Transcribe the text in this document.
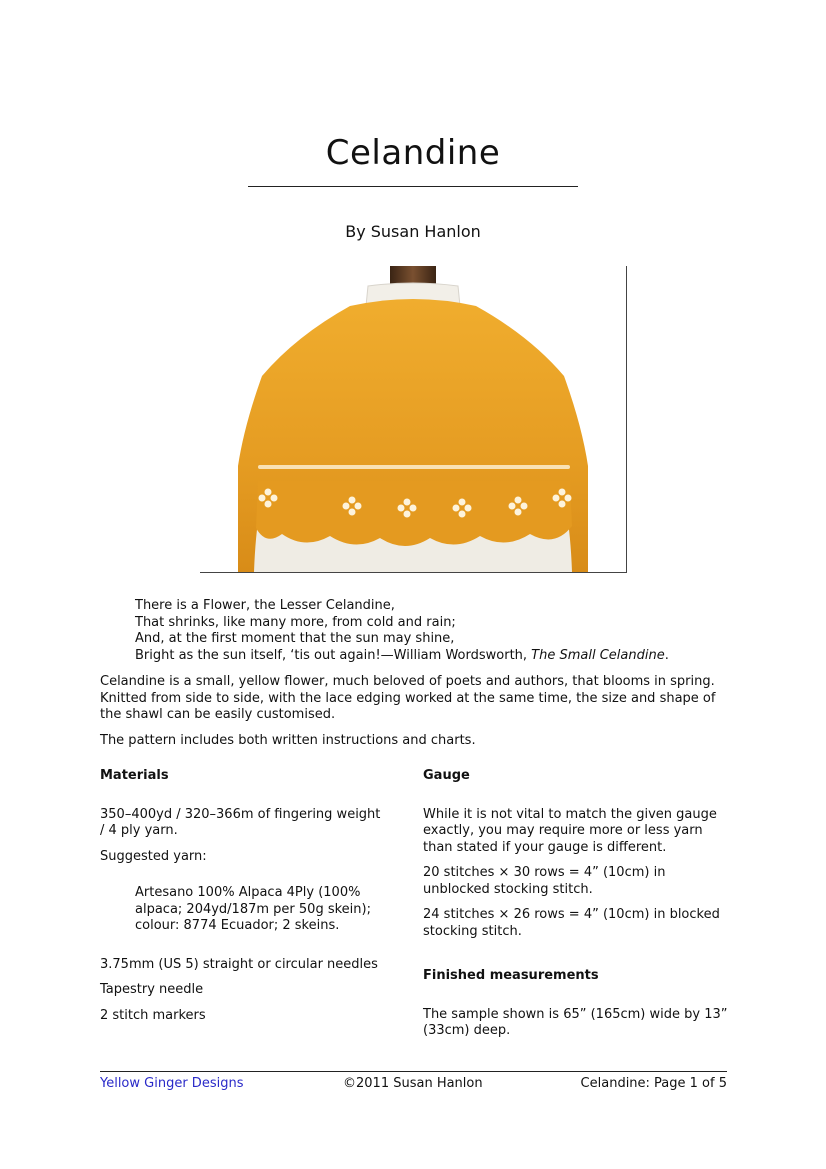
Celandine
By Susan Hanlon
There is a Flower, the Lesser Celandine,
That shrinks, like many more, from cold and rain;
And, at the first moment that the sun may shine,
Bright as the sun itself, ‘tis out again!—William Wordsworth, The Small Celandine.

Celandine is a small, yellow flower, much beloved of poets and authors, that blooms in spring. Knitted from side to side, with the lace edging worked at the same time, the size and shape of the shawl can be easily customised.

The pattern includes both written instructions and charts.

Materials

350–400yd / 320–366m of fingering weight / 4 ply yarn.

Suggested yarn:

Artesano 100% Alpaca 4Ply (100% alpaca; 204yd/187m per 50g skein); colour: 8774 Ecuador; 2 skeins.

3.75mm (US 5) straight or circular needles

Tapestry needle

2 stitch markers

Gauge

While it is not vital to match the given gauge exactly, you may require more or less yarn than stated if your gauge is different.

20 stitches × 30 rows = 4” (10cm) in unblocked stocking stitch.

24 stitches × 26 rows = 4” (10cm) in blocked stocking stitch.

Finished measurements

The sample shown is 65” (165cm) wide by 13” (33cm) deep.

Yellow Ginger Designs	©2011 Susan Hanlon	Celandine: Page 1 of 5
